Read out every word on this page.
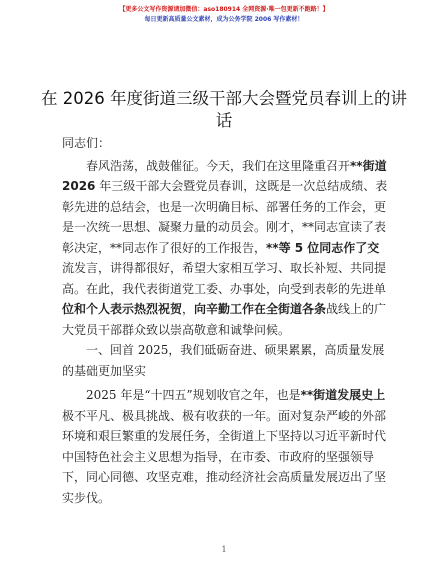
【更多公文写作资源请加微信：aso180914 全网资源·唯一包更新不跑路！】
每日更新高质量公文素材，成为公务学院 2006 写作素材！
在 2026 年度街道三级干部大会暨党员春训上的讲话

同志们：

春风浩荡，战鼓催征。今天，我们在这里隆重召开**街道 2026 年三级干部大会暨党员春训，这既是一次总结成绩、表彰先进的总结会，也是一次明确目标、部署任务的工作会，更是一次统一思想、凝聚力量的动员会。刚才，**同志宣读了表彰决定，**同志作了很好的工作报告，**等 5 位同志作了交流发言，讲得都很好，希望大家相互学习、取长补短、共同提高。在此，我代表街道党工委、办事处，向受到表彰的先进单位和个人表示热烈祝贺，向辛勤工作在全街道各条战线上的广大党员干部群众致以崇高敬意和诚挚问候。

一、回首 2025，我们砥砺奋进、硕果累累，高质量发展的基础更加坚实

2025 年是“十四五”规划收官之年，也是**街道发展史上极不平凡、极具挑战、极有收获的一年。面对复杂严峻的外部环境和艰巨繁重的发展任务，全街道上下坚持以习近平新时代中国特色社会主义思想为指导，在市委、市政府的坚强领导下，同心同德、攻坚克难，推动经济社会高质量发展迈出了坚实步伐。

1
